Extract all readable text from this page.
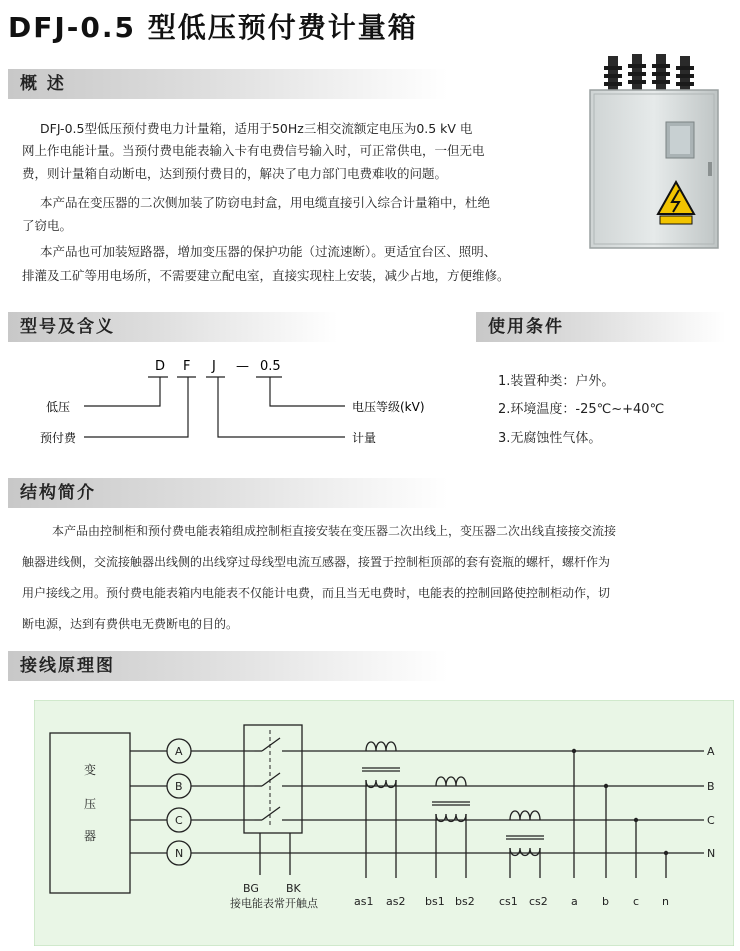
DFJ-0.5 型低压预付费计量箱
概 述

DFJ-0.5型低压预付费电力计量箱，适用于50Hz三相交流额定电压为0.5 kV 电

网上作电能计量。当预付费电能表输入卡有电费信号输入时，可正常供电，一但无电

费，则计量箱自动断电，达到预付费目的，解决了电力部门电费难收的问题。

本产品在变压器的二次侧加装了防窃电封盒，用电缆直接引入综合计量箱中，杜绝

了窃电。

本产品也可加装短路器，增加变压器的保护功能（过流速断）。更适宜台区、照明、

排灌及工矿等用电场所，不需要建立配电室，直接实现柱上安装，减少占地，方便维修。

型号及含义	使用条件
D F J — 0.5
低压
预付费
电压等级(kV)
计量
1.装置种类：户外。
2.环境温度：-25℃~+40℃
3.无腐蚀性气体。
结构简介

本产品由控制柜和预付费电能表箱组成控制柜直接安装在变压器二次出线上，变压器二次出线直接接交流接

触器进线侧，交流接触器出线侧的出线穿过母线型电流互感器，接置于控制柜顶部的套有瓷瓶的螺杆，螺杆作为

用户接线之用。预付费电能表箱内电能表不仅能计电费，而且当无电费时，电能表的控制回路使控制柜动作，切

断电源，达到有费供电无费断电的目的。

接线原理图
变
压
器
A
B
C
N
A
B
C
N
BG BK
接电能表常开触点	as1 as2 bs1 bs2 cs1 cs2 a b c n
